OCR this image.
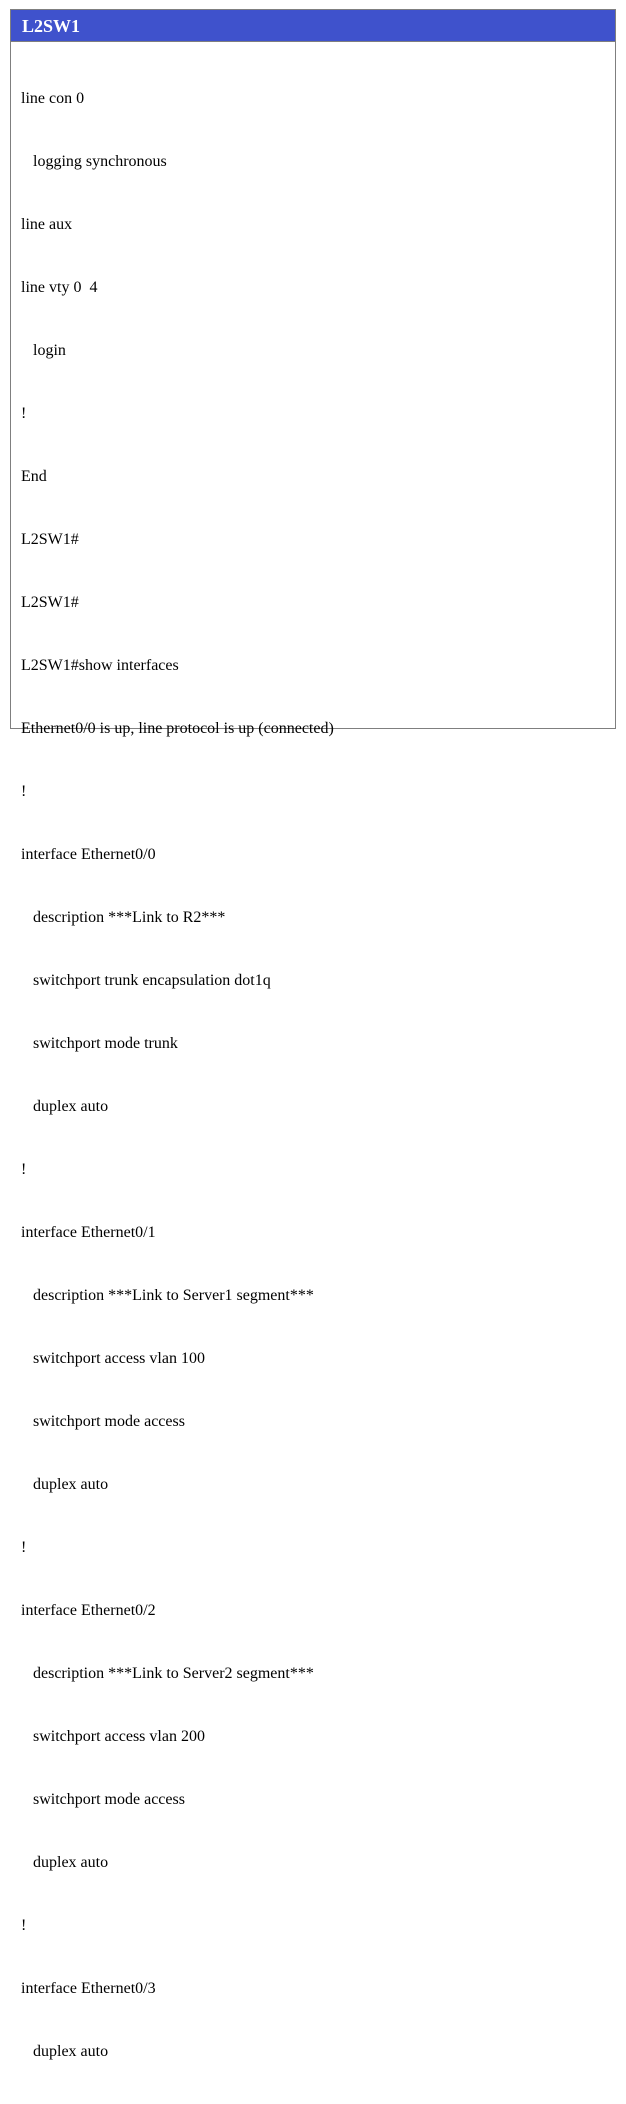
L2SW1

line con 0

logging synchronous

line aux

line vty 0  4

login

!

End

L2SW1#

L2SW1#

L2SW1#show interfaces

Ethernet0/0 is up, line protocol is up (connected)

!

interface Ethernet0/0

description ***Link to R2***

switchport trunk encapsulation dot1q

switchport mode trunk

duplex auto

!

interface Ethernet0/1

description ***Link to Server1 segment***

switchport access vlan 100

switchport mode access

duplex auto

!

interface Ethernet0/2

description ***Link to Server2 segment***

switchport access vlan 200

switchport mode access

duplex auto

!

interface Ethernet0/3

duplex auto
